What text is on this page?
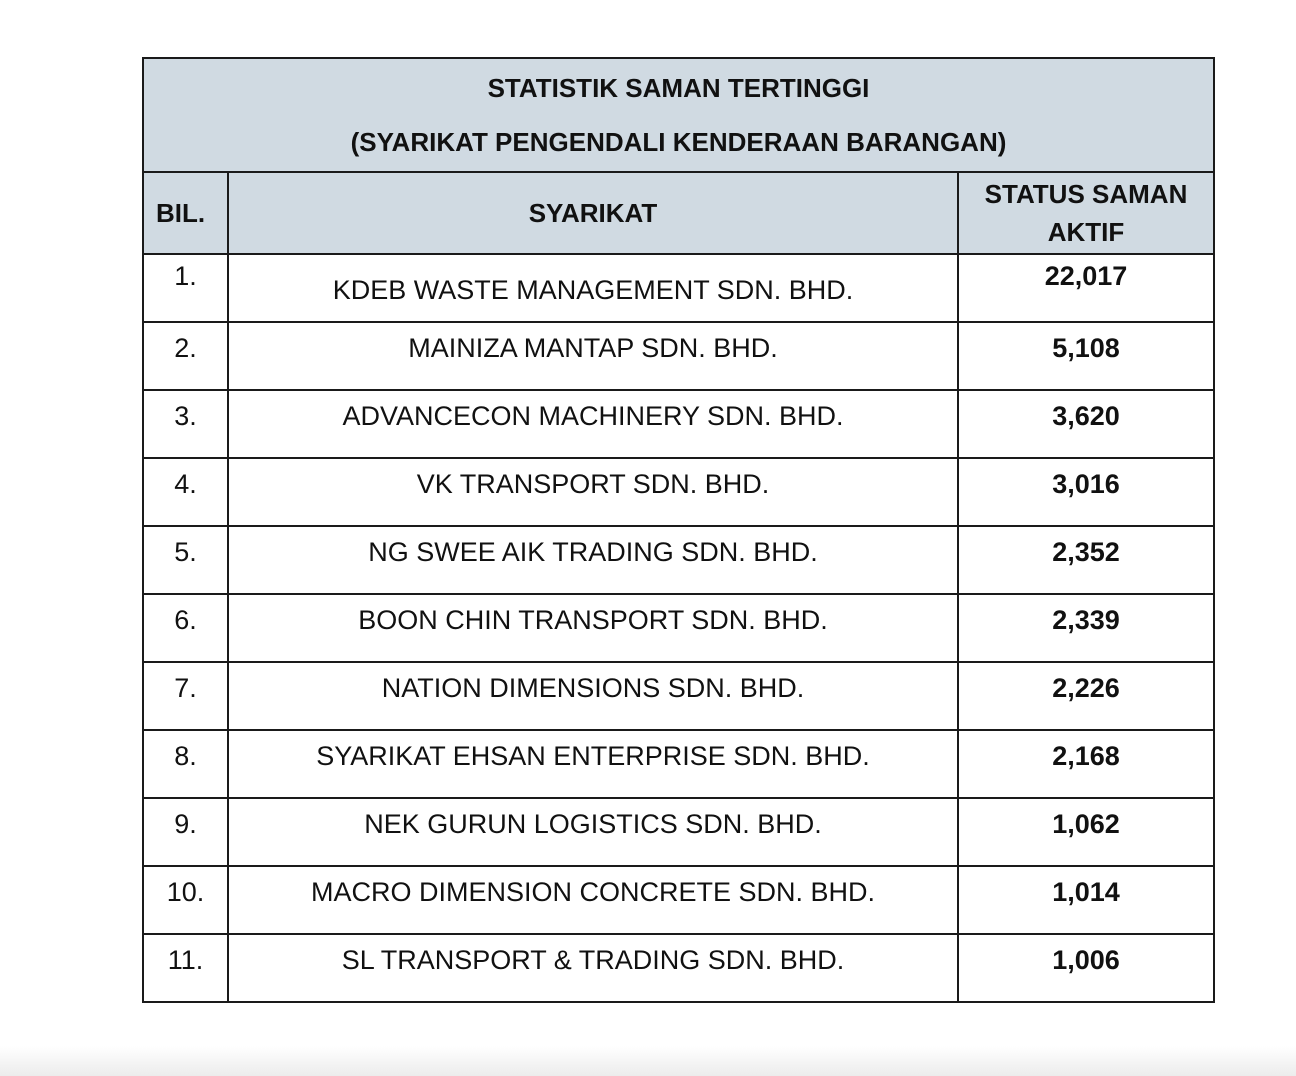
STATISTIK SAMAN TERTINGGI
(SYARIKAT PENGENDALI KENDERAAN BARANGAN)		

BIL.	SYARIKAT	STATUS SAMAN
AKTIF

1.	KDEB WASTE MANAGEMENT SDN. BHD.	22,017
2.	MAINIZA MANTAP SDN. BHD.	5,108
3.	ADVANCECON MACHINERY SDN. BHD.	3,620
4.	VK TRANSPORT SDN. BHD.	3,016
5.	NG SWEE AIK TRADING SDN. BHD.	2,352
6.	BOON CHIN TRANSPORT SDN. BHD.	2,339
7.	NATION DIMENSIONS SDN. BHD.	2,226
8.	SYARIKAT EHSAN ENTERPRISE SDN. BHD.	2,168
9.	NEK GURUN LOGISTICS SDN. BHD.	1,062
10.	MACRO DIMENSION CONCRETE SDN. BHD.	1,014
11.	SL TRANSPORT & TRADING SDN. BHD.	1,006
